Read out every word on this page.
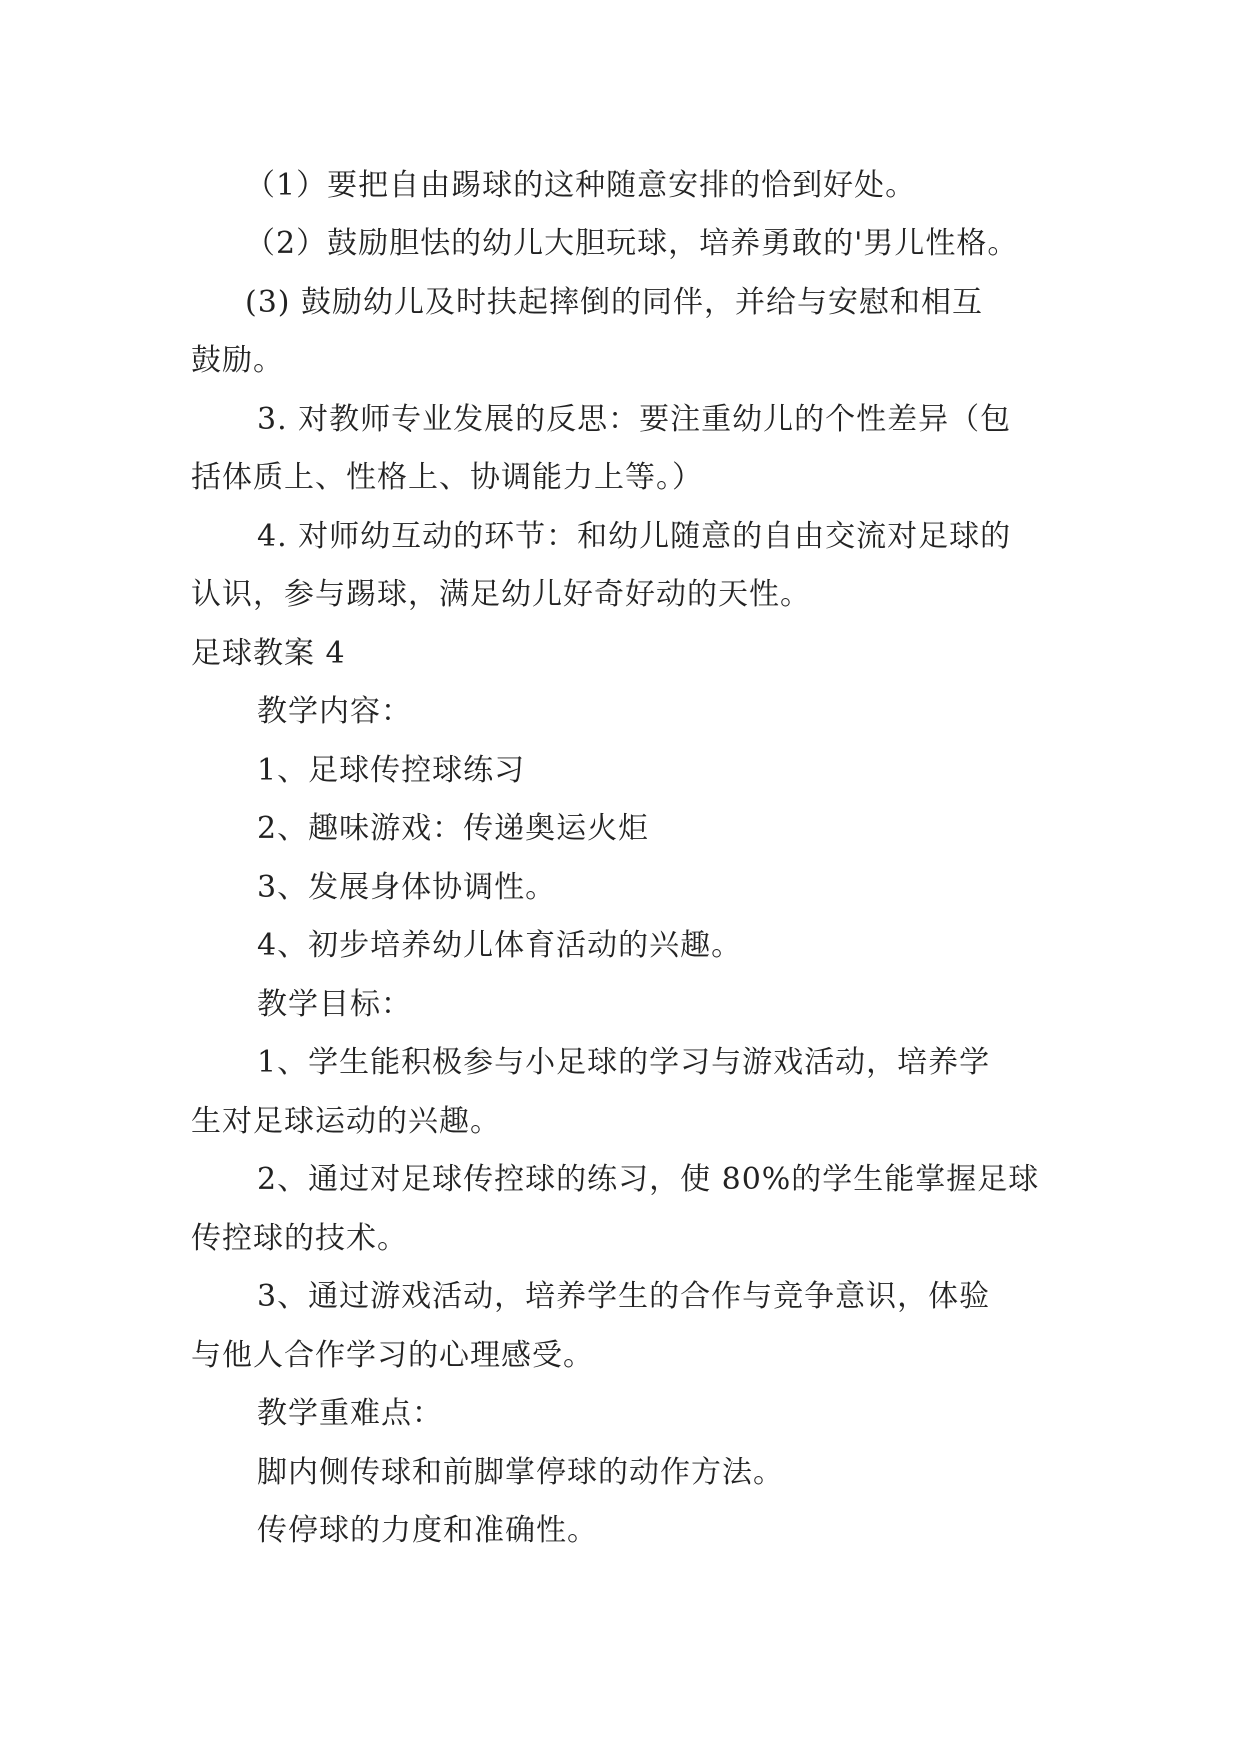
（1）要把自由踢球的这种随意安排的恰到好处。
（2）鼓励胆怯的幼儿大胆玩球，培养勇敢的'男儿性格。
(3) 鼓励幼儿及时扶起摔倒的同伴，并给与安慰和相互
鼓励。
3. 对教师专业发展的反思：要注重幼儿的个性差异（包
括体质上、性格上、协调能力上等。）
4. 对师幼互动的环节：和幼儿随意的自由交流对足球的
认识，参与踢球，满足幼儿好奇好动的天性。
足球教案 4
教学内容：
1、足球传控球练习
2、趣味游戏：传递奥运火炬
3、发展身体协调性。
4、初步培养幼儿体育活动的兴趣。
教学目标：
1、学生能积极参与小足球的学习与游戏活动，培养学
生对足球运动的兴趣。
2、通过对足球传控球的练习，使 80%的学生能掌握足球
传控球的技术。
3、通过游戏活动，培养学生的合作与竞争意识，体验
与他人合作学习的心理感受。
教学重难点：
脚内侧传球和前脚掌停球的动作方法。
传停球的力度和准确性。
